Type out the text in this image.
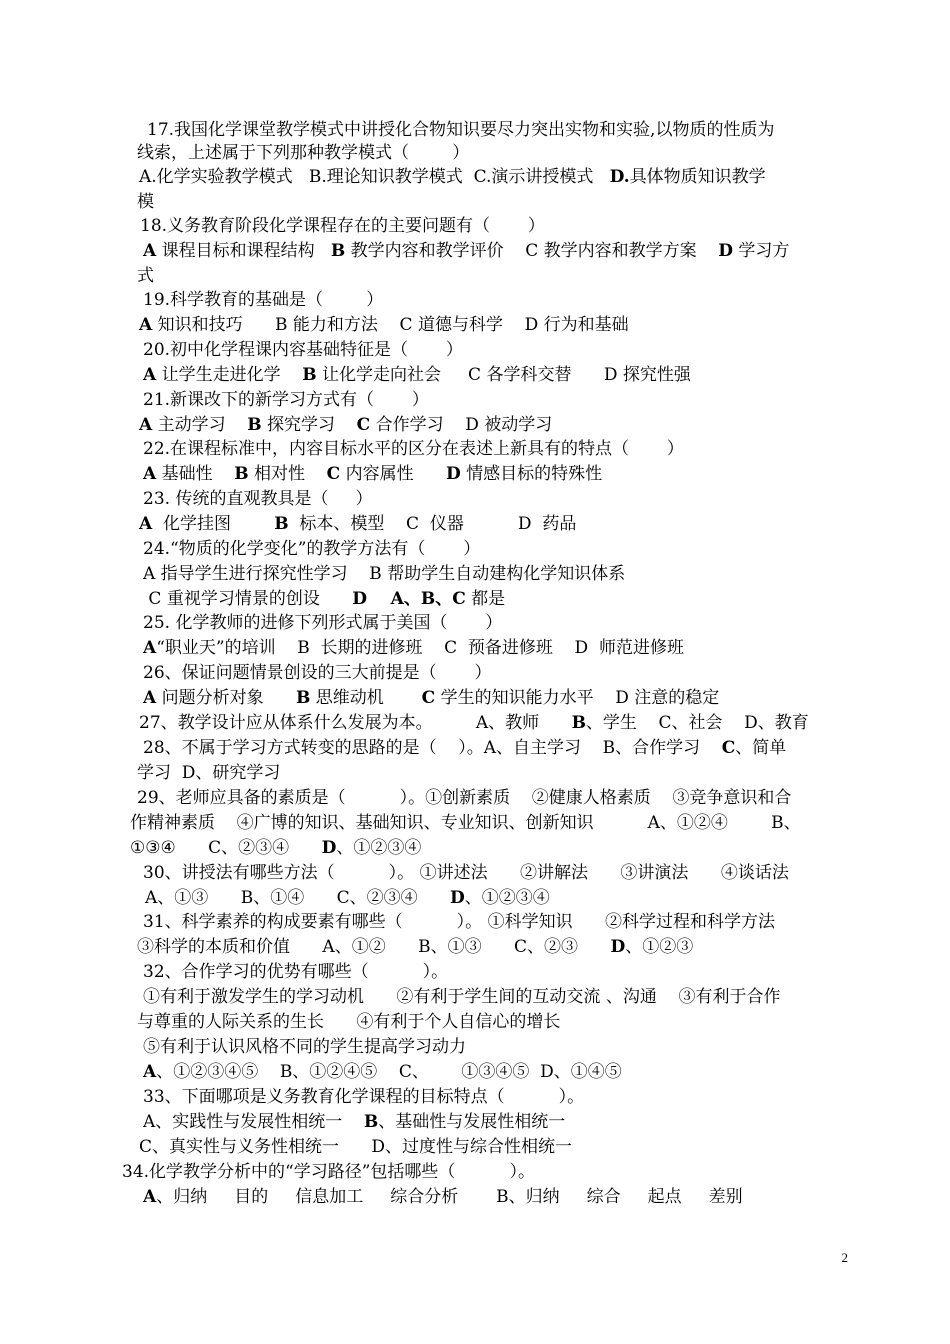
17.我国化学课堂教学模式中讲授化合物知识要尽力突出实物和实验,以物质的性质为
线索，上述属于下列那种教学模式（        ）
A.化学实验教学模式   B.理论知识教学模式  C.演示讲授模式   D.具体物质知识教学
模
18.义务教育阶段化学课程存在的主要问题有（       ）
A 课程目标和课程结构   B 教学内容和教学评价    C 教学内容和教学方案    D 学习方
式
19.科学教育的基础是（        ）
A 知识和技巧      B 能力和方法    C 道德与科学    D 行为和基础
20.初中化学程课内容基础特征是（       ）
A 让学生走进化学    B 让化学走向社会     C 各学科交替      D 探究性强
21.新课改下的新学习方式有（       ）
A 主动学习    B 探究学习    C 合作学习    D 被动学习
22.在课程标准中，内容目标水平的区分在表述上新具有的特点（       ）
A 基础性    B 相对性    C 内容属性      D 情感目标的特殊性
23. 传统的直观教具是（     ）
A  化学挂图        B  标本、模型    C  仪器          D  药品
24.“物质的化学变化”的教学方法有（       ）
A 指导学生进行探究性学习    B 帮助学生自动建构化学知识体系
C 重视学习情景的创设      D    A、B、C 都是
25. 化学教师的进修下列形式属于美国（       ）
A“职业天”的培训    B  长期的进修班    C  预备进修班    D  师范进修班
26、保证问题情景创设的三大前提是（       ）
A 问题分析对象      B 思维动机       C 学生的知识能力水平    D 注意的稳定
27、教学设计应从体系什么发展为本。        A、教师      B、学生    C、社会    D、教育
28、不属于学习方式转变的思路的是（    ）。A、自主学习    B、合作学习    C、简单
学习  D、研究学习
29、老师应具备的素质是（          ）。①创新素质    ②健康人格素质    ③竞争意识和合
作精神素质    ④广博的知识、基础知识、专业知识、创新知识          A、①②④        B、
①③④      C、②③④      D、①②③④
30、讲授法有哪些方法（          ）。 ①讲述法      ②讲解法      ③讲演法      ④谈话法
A、①③      B、①④      C、②③④      D、①②③④
31、科学素养的构成要素有哪些（          ）。 ①科学知识      ②科学过程和科学方法
③科学的本质和价值      A、①②      B、①③      C、②③      D、①②③
32、合作学习的优势有哪些（          ）。
①有利于激发学生的学习动机      ②有利于学生间的互动交流 、沟通    ③有利于合作
与尊重的人际关系的生长      ④有利于个人自信心的增长
⑤有利于认识风格不同的学生提高学习动力
A、①②③④⑤    B、①②④⑤    C、      ①③④⑤  D、①④⑤
33、下面哪项是义务教育化学课程的目标特点（          ）。
A、实践性与发展性相统一    B、基础性与发展性相统一
C、真实性与义务性相统一      D、过度性与综合性相统一
34.化学教学分析中的“学习路径”包括哪些（          ）。
A、归纳     目的     信息加工     综合分析       B、归纳     综合     起点     差别
2
